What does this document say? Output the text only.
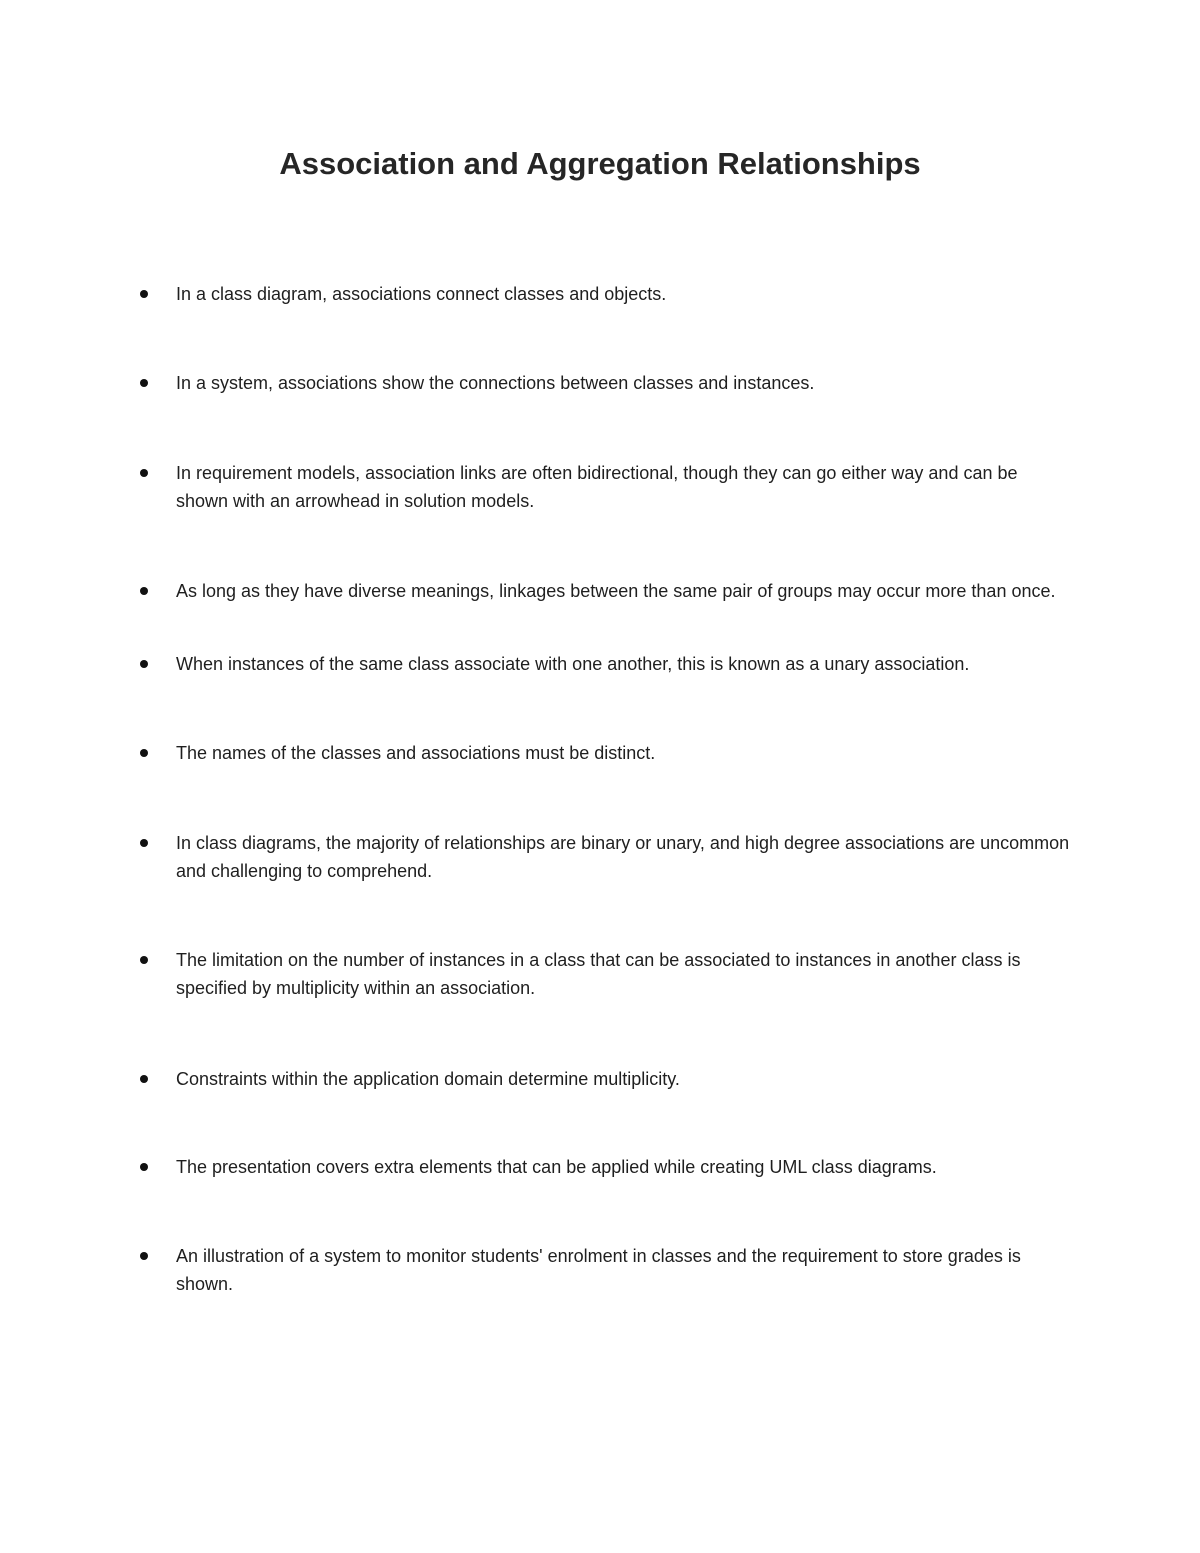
Association and Aggregation Relationships
In a class diagram, associations connect classes and objects.
In a system, associations show the connections between classes and instances.
In requirement models, association links are often bidirectional, though they can go either way and can be shown with an arrowhead in solution models.
As long as they have diverse meanings, linkages between the same pair of groups may occur more than once.
When instances of the same class associate with one another, this is known as a unary association.
The names of the classes and associations must be distinct.
In class diagrams, the majority of relationships are binary or unary, and high degree associations are uncommon and challenging to comprehend.
The limitation on the number of instances in a class that can be associated to instances in another class is specified by multiplicity within an association.
Constraints within the application domain determine multiplicity.
The presentation covers extra elements that can be applied while creating UML class diagrams.
An illustration of a system to monitor students' enrolment in classes and the requirement to store grades is shown.
